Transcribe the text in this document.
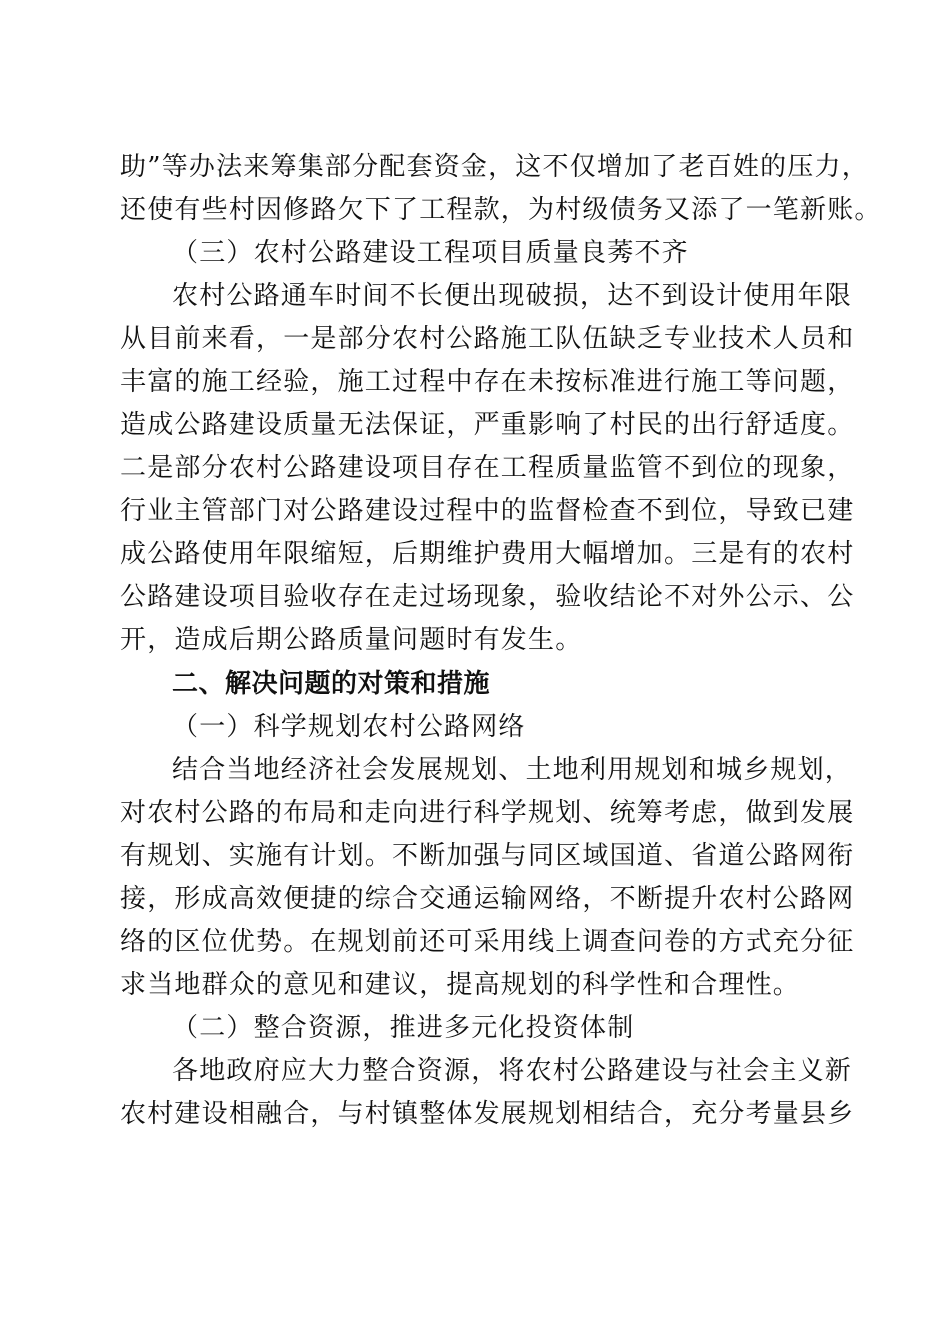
助”等办法来筹集部分配套资金，这不仅增加了老百姓的压力，
还使有些村因修路欠下了工程款，为村级债务又添了一笔新账。
（三）农村公路建设工程项目质量良莠不齐
农村公路通车时间不长便出现破损，达不到设计使用年限
从目前来看，一是部分农村公路施工队伍缺乏专业技术人员和
丰富的施工经验，施工过程中存在未按标准进行施工等问题，
造成公路建设质量无法保证，严重影响了村民的出行舒适度。
二是部分农村公路建设项目存在工程质量监管不到位的现象，
行业主管部门对公路建设过程中的监督检查不到位，导致已建
成公路使用年限缩短，后期维护费用大幅增加。三是有的农村
公路建设项目验收存在走过场现象，验收结论不对外公示、公
开，造成后期公路质量问题时有发生。
二、解决问题的对策和措施
（一）科学规划农村公路网络
结合当地经济社会发展规划、土地利用规划和城乡规划，
对农村公路的布局和走向进行科学规划、统筹考虑，做到发展
有规划、实施有计划。不断加强与同区域国道、省道公路网衔
接，形成高效便捷的综合交通运输网络，不断提升农村公路网
络的区位优势。在规划前还可采用线上调查问卷的方式充分征
求当地群众的意见和建议，提高规划的科学性和合理性。
（二）整合资源，推进多元化投资体制
各地政府应大力整合资源，将农村公路建设与社会主义新
农村建设相融合，与村镇整体发展规划相结合，充分考量县乡
